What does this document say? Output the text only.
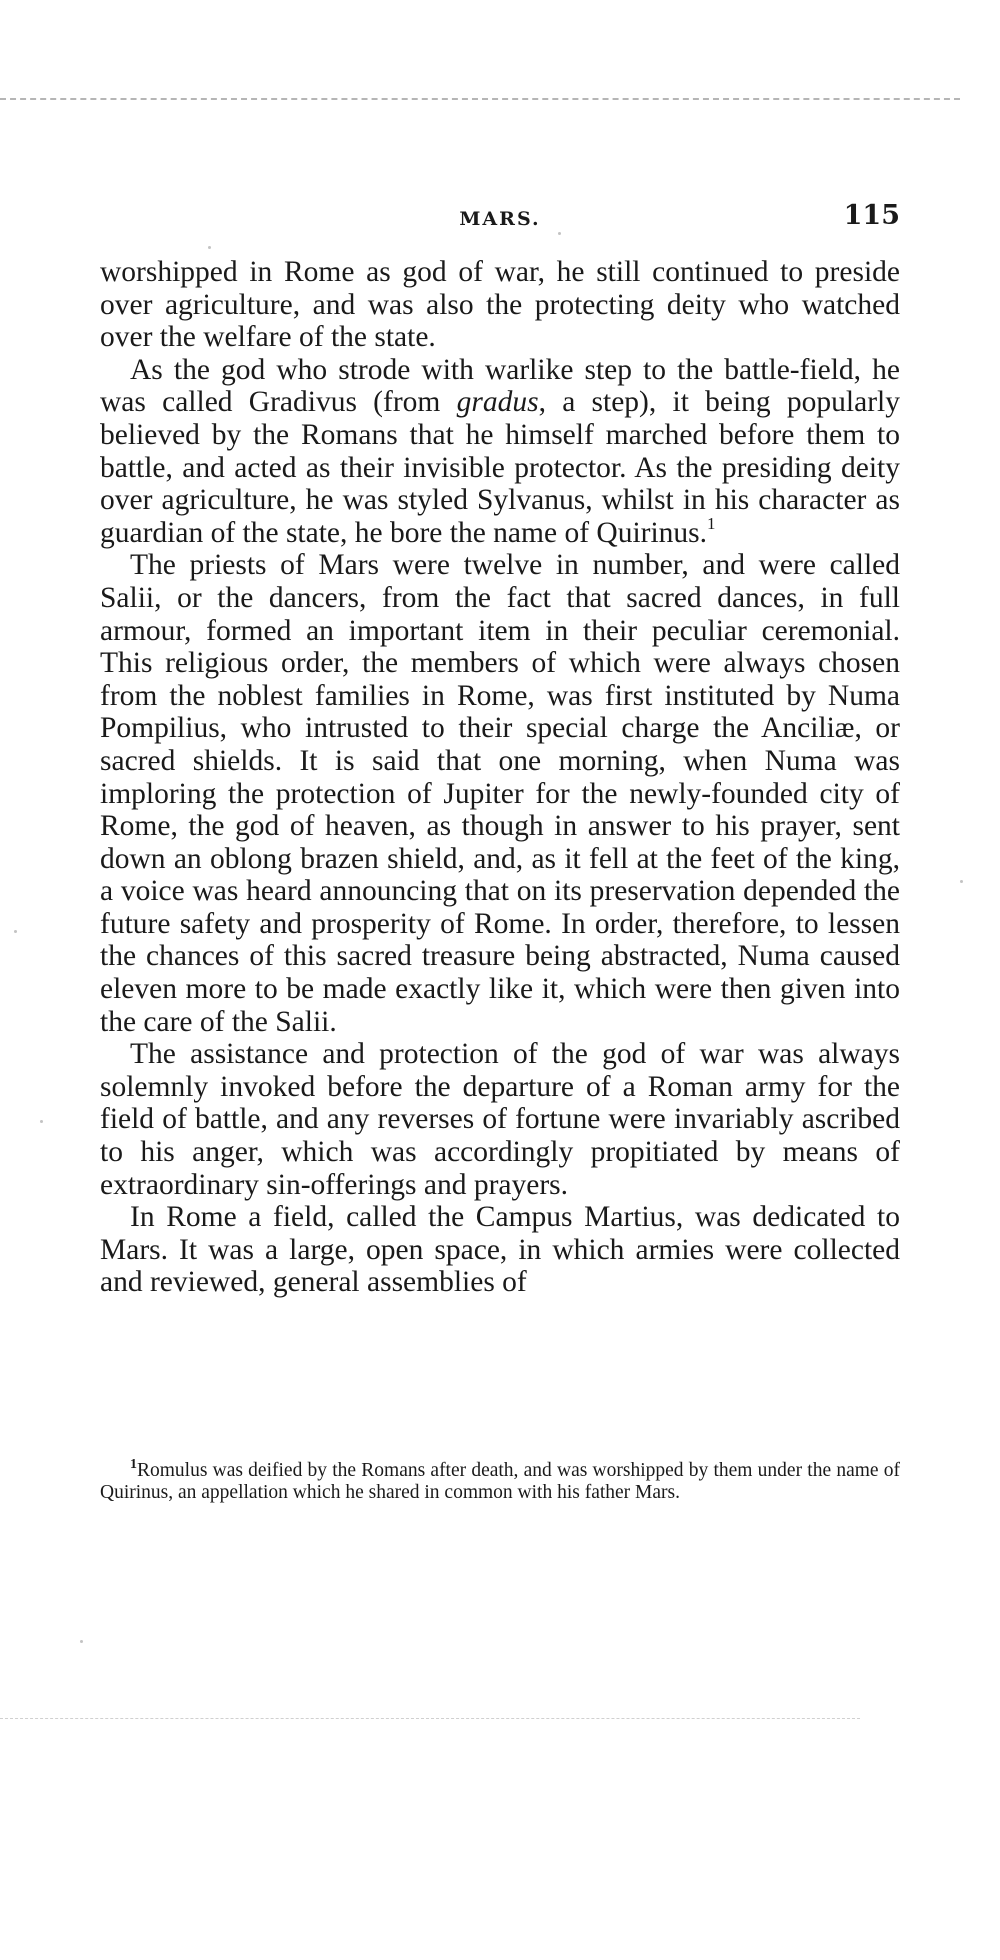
MARS.	115

worshipped in Rome as god of war, he still continued to preside over agriculture, and was also the protecting deity who watched over the welfare of the state.

As the god who strode with warlike step to the battle-field, he was called Gradivus (from gradus, a step), it being popularly believed by the Romans that he himself marched before them to battle, and acted as their invisible protector. As the presiding deity over agriculture, he was styled Sylvanus, whilst in his character as guardian of the state, he bore the name of Quirinus.$^1$

The priests of Mars were twelve in number, and were called Salii, or the dancers, from the fact that sacred dances, in full armour, formed an important item in their peculiar ceremonial. This religious order, the members of which were always chosen from the noblest families in Rome, was first instituted by Numa Pompilius, who intrusted to their special charge the Anciliæ, or sacred shields. It is said that one morning, when Numa was imploring the protection of Jupiter for the newly-founded city of Rome, the god of heaven, as though in answer to his prayer, sent down an oblong brazen shield, and, as it fell at the feet of the king, a voice was heard announcing that on its preservation depended the future safety and prosperity of Rome. In order, therefore, to lessen the chances of this sacred treasure being abstracted, Numa caused eleven more to be made exactly like it, which were then given into the care of the Salii.

The assistance and protection of the god of war was always solemnly invoked before the departure of a Roman army for the field of battle, and any reverses of fortune were invariably ascribed to his anger, which was accordingly propitiated by means of extraordinary sin-offerings and prayers.

In Rome a field, called the Campus Martius, was dedicated to Mars. It was a large, open space, in which armies were collected and reviewed, general assemblies of

$^1$Romulus was deified by the Romans after death, and was worshipped by them under the name of Quirinus, an appellation which he shared in common with his father Mars.
